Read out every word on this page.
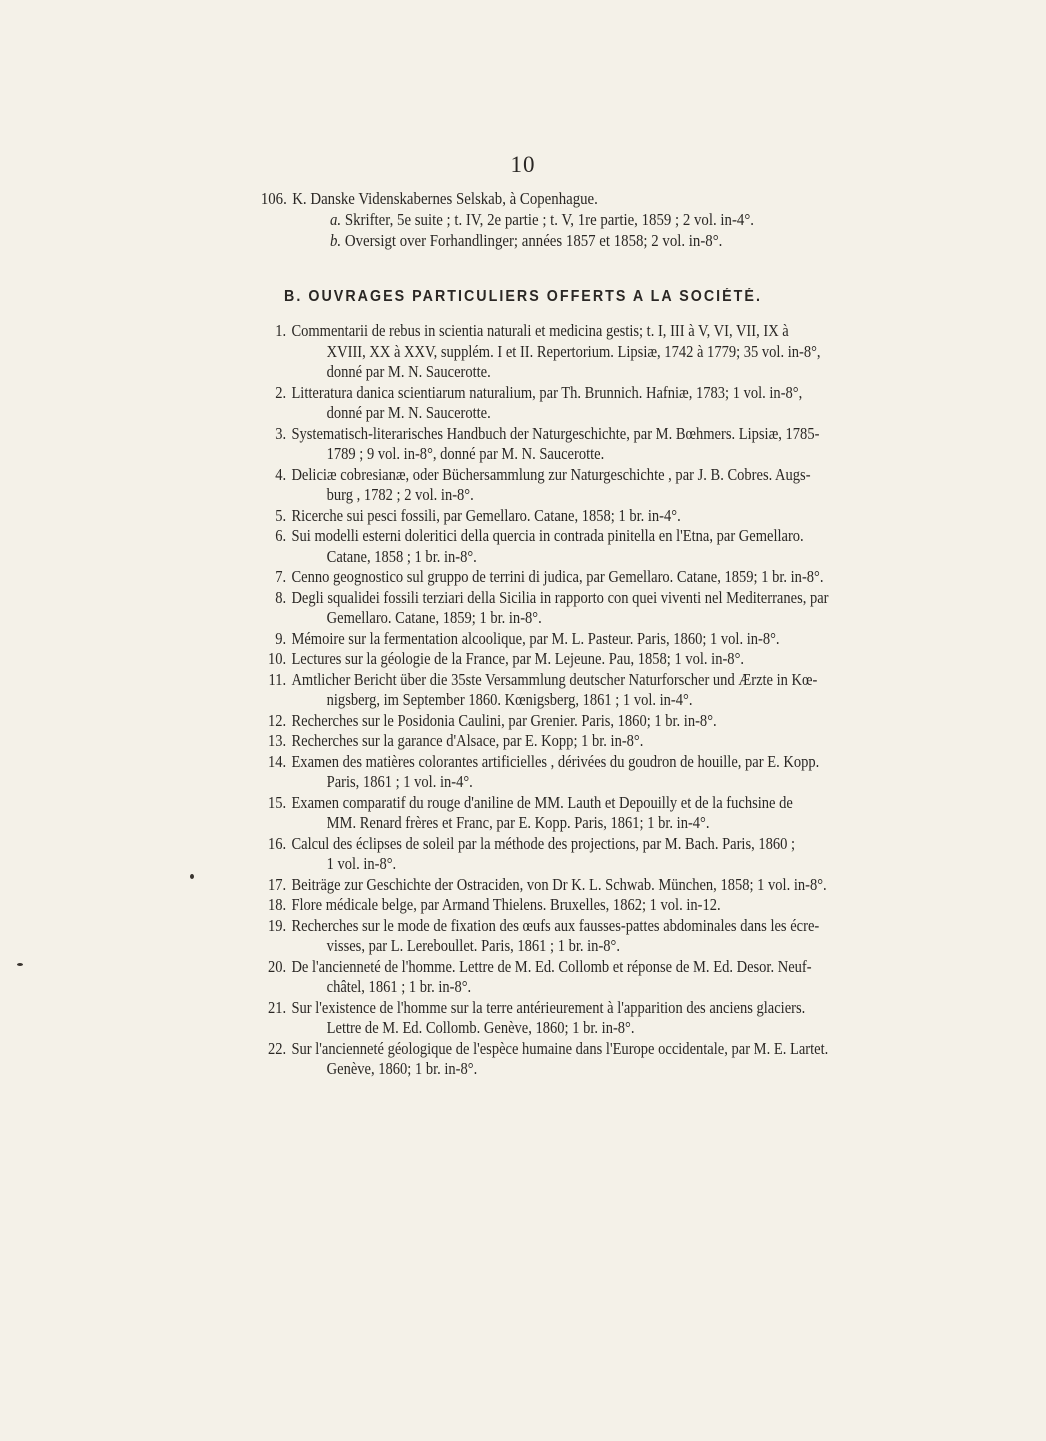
10
106. K. Danske Videnskabernes Selskab, à Copenhague.
a. Skrifter, 5e suite ; t. IV, 2e partie ; t. V, 1re partie, 1859 ; 2 vol. in-4°.
b. Oversigt over Forhandlinger; années 1857 et 1858; 2 vol. in-8°.
B. OUVRAGES PARTICULIERS OFFERTS A LA SOCIÉTÉ.
1. Commentarii de rebus in scientia naturali et medicina gestis; t. I, III à V, VI, VII, IX à
XVIII, XX à XXV, supplém. I et II. Repertorium. Lipsiæ, 1742 à 1779; 35 vol. in-8°,
donné par M. N. Saucerotte.
2. Litteratura danica scientiarum naturalium, par Th. Brunnich. Hafniæ, 1783; 1 vol. in-8°,
donné par M. N. Saucerotte.
3. Systematisch-literarisches Handbuch der Naturgeschichte, par M. Bœhmers. Lipsiæ, 1785-
1789 ; 9 vol. in-8°, donné par M. N. Saucerotte.
4. Deliciæ cobresianæ, oder Büchersammlung zur Naturgeschichte , par J. B. Cobres. Augs-
burg , 1782 ; 2 vol. in-8°.
5. Ricerche sui pesci fossili, par Gemellaro. Catane, 1858; 1 br. in-4°.
6. Sui modelli esterni doleritici della quercia in contrada pinitella en l'Etna, par Gemellaro.
Catane, 1858 ; 1 br. in-8°.
7. Cenno geognostico sul gruppo de terrini di judica, par Gemellaro. Catane, 1859; 1 br. in-8°.
8. Degli squalidei fossili terziari della Sicilia in rapporto con quei viventi nel Mediterranes, par
Gemellaro. Catane, 1859; 1 br. in-8°.
9. Mémoire sur la fermentation alcoolique, par M. L. Pasteur. Paris, 1860; 1 vol. in-8°.
10. Lectures sur la géologie de la France, par M. Lejeune. Pau, 1858; 1 vol. in-8°.
11. Amtlicher Bericht über die 35ste Versammlung deutscher Naturforscher und Ærzte in Kœ-
nigsberg, im September 1860. Kœnigsberg, 1861 ; 1 vol. in-4°.
12. Recherches sur le Posidonia Caulini, par Grenier. Paris, 1860; 1 br. in-8°.
13. Recherches sur la garance d'Alsace, par E. Kopp; 1 br. in-8°.
14. Examen des matières colorantes artificielles , dérivées du goudron de houille, par E. Kopp.
Paris, 1861 ; 1 vol. in-4°.
15. Examen comparatif du rouge d'aniline de MM. Lauth et Depouilly et de la fuchsine de
MM. Renard frères et Franc, par E. Kopp. Paris, 1861; 1 br. in-4°.
16. Calcul des éclipses de soleil par la méthode des projections, par M. Bach. Paris, 1860 ;
1 vol. in-8°.
17. Beiträge zur Geschichte der Ostraciden, von Dr K. L. Schwab. München, 1858; 1 vol. in-8°.
18. Flore médicale belge, par Armand Thielens. Bruxelles, 1862; 1 vol. in-12.
19. Recherches sur le mode de fixation des œufs aux fausses-pattes abdominales dans les écre-
visses, par L. Lereboullet. Paris, 1861 ; 1 br. in-8°.
20. De l'ancienneté de l'homme. Lettre de M. Ed. Collomb et réponse de M. Ed. Desor. Neuf-
châtel, 1861 ; 1 br. in-8°.
21. Sur l'existence de l'homme sur la terre antérieurement à l'apparition des anciens glaciers.
Lettre de M. Ed. Collomb. Genève, 1860; 1 br. in-8°.
22. Sur l'ancienneté géologique de l'espèce humaine dans l'Europe occidentale, par M. E. Lartet.
Genève, 1860; 1 br. in-8°.
